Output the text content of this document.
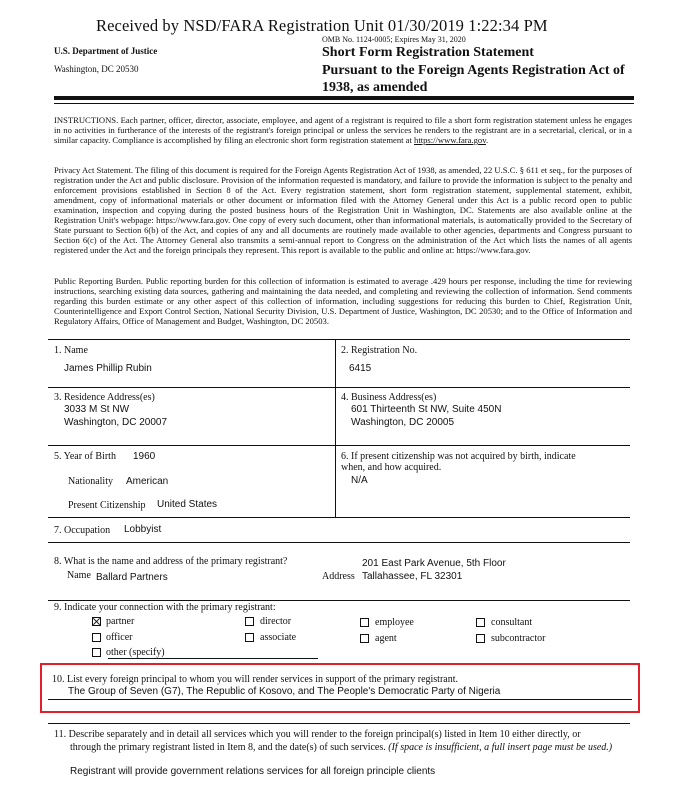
Received by NSD/FARA Registration Unit 01/30/2019 1:22:34 PM
OMB No. 1124-0005; Expires May 31, 2020
U.S. Department of Justice
Washington, DC 20530
Short Form Registration Statement
Pursuant to the Foreign Agents Registration Act of
1938, as amended
INSTRUCTIONS. Each partner, officer, director, associate, employee, and agent of a registrant is required to file a short form registration statement unless he engages in no activities in furtherance of the interests of the registrant's foreign principal or unless the services he renders to the registrant are in a secretarial, clerical, or in a similar capacity. Compliance is accomplished by filing an electronic short form registration statement at https://www.fara.gov.
Privacy Act Statement. The filing of this document is required for the Foreign Agents Registration Act of 1938, as amended, 22 U.S.C. § 611 et seq., for the purposes of registration under the Act and public disclosure. Provision of the information requested is mandatory, and failure to provide the information is subject to the penalty and enforcement provisions established in Section 8 of the Act. Every registration statement, short form registration statement, supplemental statement, exhibit, amendment, copy of informational materials or other document or information filed with the Attorney General under this Act is a public record open to public examination, inspection and copying during the posted business hours of the Registration Unit in Washington, DC. Statements are also available online at the Registration Unit's webpage: https://www.fara.gov. One copy of every such document, other than informational materials, is automatically provided to the Secretary of State pursuant to Section 6(b) of the Act, and copies of any and all documents are routinely made available to other agencies, departments and Congress pursuant to Section 6(c) of the Act. The Attorney General also transmits a semi-annual report to Congress on the administration of the Act which lists the names of all agents registered under the Act and the foreign principals they represent. This report is available to the public and online at: https://www.fara.gov.
Public Reporting Burden. Public reporting burden for this collection of information is estimated to average .429 hours per response, including the time for reviewing instructions, searching existing data sources, gathering and maintaining the data needed, and completing and reviewing the collection of information. Send comments regarding this burden estimate or any other aspect of this collection of information, including suggestions for reducing this burden to Chief, Registration Unit, Counterintelligence and Export Control Section, National Security Division, U.S. Department of Justice, Washington, DC 20530; and to the Office of Information and Regulatory Affairs, Office of Management and Budget, Washington, DC 20503.
1. Name
James Phillip Rubin
2. Registration No.
6415
3. Residence Address(es)
3033 M St NW
Washington, DC 20007
4. Business Address(es)
601 Thirteenth St NW, Suite 450N
Washington, DC 20005
5. Year of Birth 1960
Nationality American
Present Citizenship United States
6. If present citizenship was not acquired by birth, indicate when, and how acquired.
N/A
7. Occupation Lobbyist
8. What is the name and address of the primary registrant?
Name Ballard Partners
201 East Park Avenue, 5th Floor
Address Tallahassee, FL 32301
9. Indicate your connection with the primary registrant:
partner	director	employee	consultant
officer	associate	agent	subcontractor
other (specify)
10. List every foreign principal to whom you will render services in support of the primary registrant.
The Group of Seven (G7), The Republic of Kosovo, and The People's Democratic Party of Nigeria
11. Describe separately and in detail all services which you will render to the foreign principal(s) listed in Item 10 either directly, or
through the primary registrant listed in Item 8, and the date(s) of such services. (If space is insufficient, a full insert page must be used.)
Registrant will provide government relations services for all foreign principle clients
